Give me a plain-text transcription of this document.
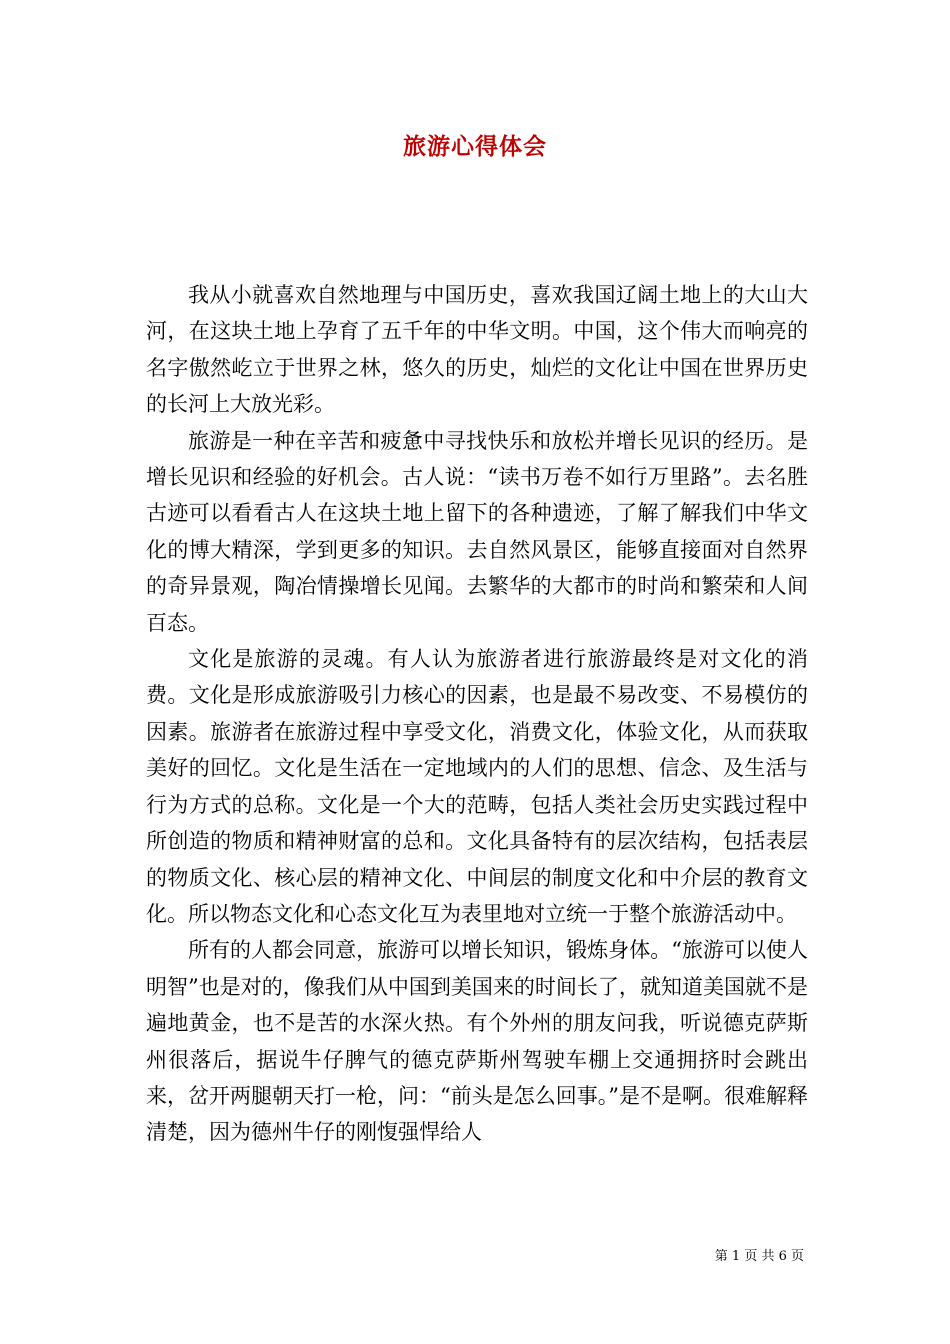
旅游心得体会

我从小就喜欢自然地理与中国历史，喜欢我国辽阔土地上的大山大河，在这块土地上孕育了五千年的中华文明。中国，这个伟大而响亮的名字傲然屹立于世界之林，悠久的历史，灿烂的文化让中国在世界历史的长河上大放光彩。

旅游是一种在辛苦和疲惫中寻找快乐和放松并增长见识的经历。是增长见识和经验的好机会。古人说：“读书万卷不如行万里路”。去名胜古迹可以看看古人在这块土地上留下的各种遗迹，了解了解我们中华文化的博大精深，学到更多的知识。去自然风景区，能够直接面对自然界的奇异景观，陶冶情操增长见闻。去繁华的大都市的时尚和繁荣和人间百态。

文化是旅游的灵魂。有人认为旅游者进行旅游最终是对文化的消费。文化是形成旅游吸引力核心的因素，也是最不易改变、不易模仿的因素。旅游者在旅游过程中享受文化，消费文化，体验文化，从而获取美好的回忆。文化是生活在一定地域内的人们的思想、信念、及生活与行为方式的总称。文化是一个大的范畴，包括人类社会历史实践过程中所创造的物质和精神财富的总和。文化具备特有的层次结构，包括表层的物质文化、核心层的精神文化、中间层的制度文化和中介层的教育文化。所以物态文化和心态文化互为表里地对立统一于整个旅游活动中。

所有的人都会同意，旅游可以增长知识，锻炼身体。“旅游可以使人明智”也是对的，像我们从中国到美国来的时间长了，就知道美国就不是遍地黄金，也不是苦的水深火热。有个外州的朋友问我，听说德克萨斯州很落后，据说牛仔脾气的德克萨斯州驾驶车棚上交通拥挤时会跳出来，岔开两腿朝天打一枪，问：“前头是怎么回事。”是不是啊。很难解释清楚，因为德州牛仔的刚愎强悍给人

第 1 页 共 6 页
